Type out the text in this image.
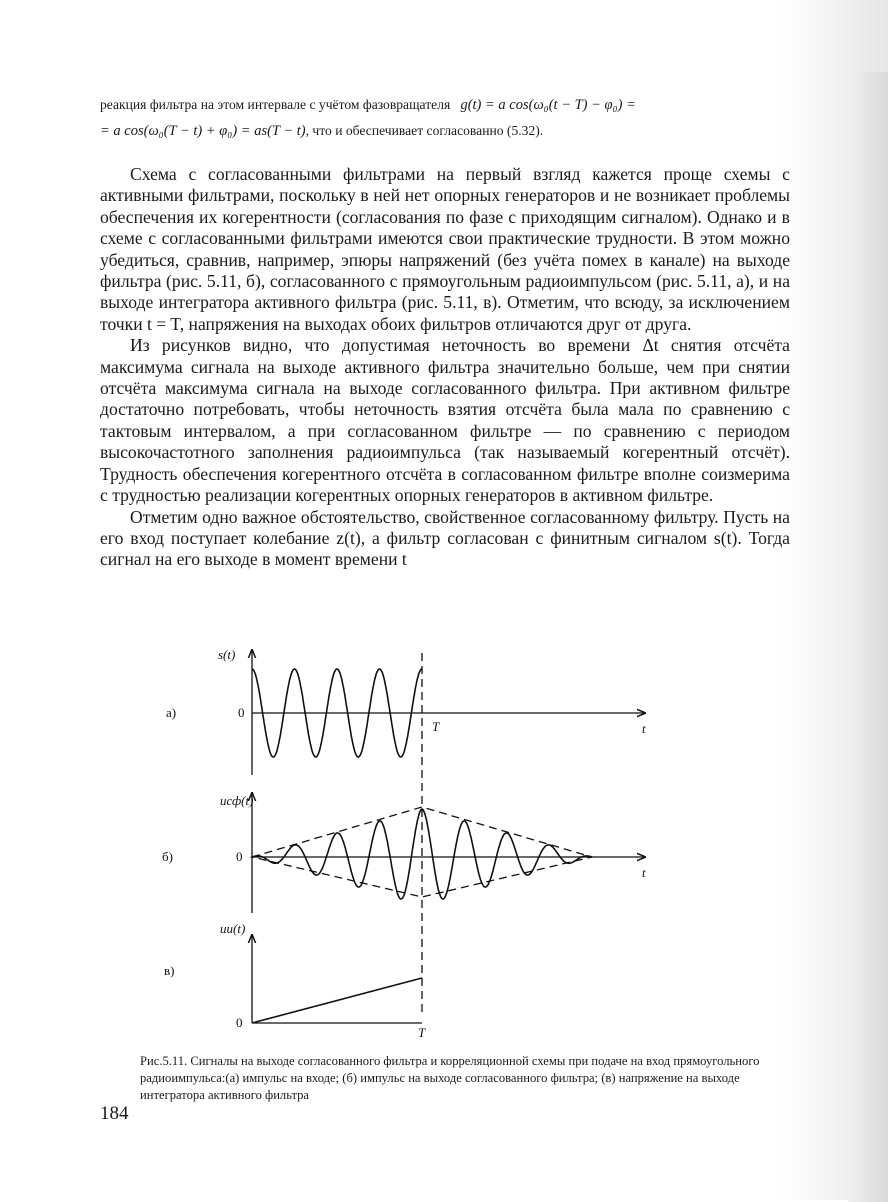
реакция фильтра на этом интервале с учётом фазовращателя g(t) = a cos(ω₀(t − T) − φ₀) =
= a cos(ω₀(T − t) + φ₀) = as(T − t), что и обеспечивает согласованно (5.32).

Схема с согласованными фильтрами на первый взгляд кажется проще схемы с активными фильтрами, поскольку в ней нет опорных генераторов и не возникает проблемы обеспечения их когерентности (согласования по фазе с приходящим сигналом). Однако и в схеме с согласованными фильтрами имеются свои практические трудности. В этом можно убедиться, сравнив, например, эпюры напряжений (без учёта помех в канале) на выходе фильтра (рис. 5.11, б), согласованного с прямоугольным радиоимпульсом (рис. 5.11, а), и на выходе интегратора активного фильтра (рис. 5.11, в). Отметим, что всюду, за исключением точки t = T, напряжения на выходах обоих фильтров отличаются друг от друга.

Из рисунков видно, что допустимая неточность во времени Δt снятия отсчёта максимума сигнала на выходе активного фильтра значительно больше, чем при снятии отсчёта максимума сигнала на выходе согласованного фильтра. При активном фильтре достаточно потребовать, чтобы неточность взятия отсчёта была мала по сравнению с тактовым интервалом, а при согласованном фильтре — по сравнению с периодом высокочастотного заполнения радиоимпульса (так называемый когерентный отсчёт). Трудность обеспечения когерентного отсчёта в согласованном фильтре вполне соизмерима с трудностью реализации когерентных опорных генераторов в активном фильтре.

Отметим одно важное обстоятельство, свойственное согласованному фильтру. Пусть на его вход поступает колебание z(t), а фильтр согласован с финитным сигналом s(t). Тогда сигнал на его выходе в момент времени t

а)
s(t)
0
t
T
б)
uсф(t)
0
t
в)
uи(t)
0
T
Рис.5.11. Сигналы на выходе согласованного фильтра и корреляционной схемы при подаче на вход прямоугольного радиоимпульса:(а) импульс на входе; (б) импульс на выходе согласованного фильтра; (в) напряжение на выходе интегратора активного фильтра
184
